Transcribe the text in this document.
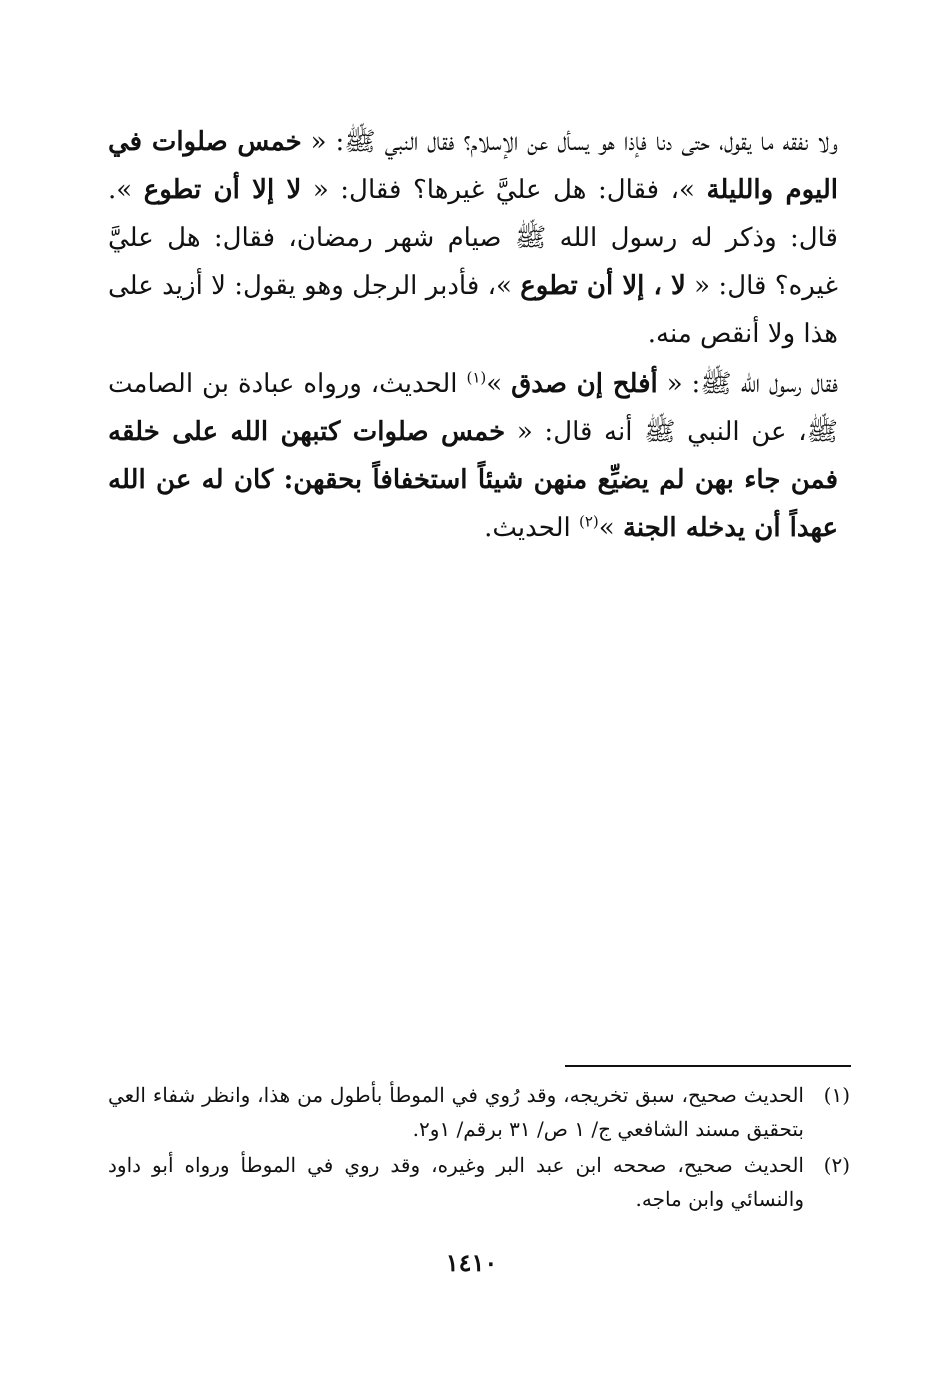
ولا نفقه ما يقول، حتى دنا فإذا هو يسأل عن الإسلام؟ فقال النبي ﷺ: « خمس صلوات في اليوم والليلة »، فقال: هل عليَّ غيرها؟ فقال: « لا إلا أن تطوع ». قال: وذكر له رسول الله ﷺ صيام شهر رمضان، فقال: هل عليَّ غيره؟ قال: « لا ، إلا أن تطوع »، فأدبر الرجل وهو يقول: لا أزيد على هذا ولا أنقص منه.

فقال رسول الله ﷺ: « أفلح إن صدق »$^{(١)}$ الحديث، ورواه عبادة بن الصامت ﷺ، عن النبي ﷺ أنه قال: « خمس صلوات كتبهن الله على خلقه فمن جاء بهن لم يضيِّع منهن شيئاً استخفافاً بحقهن: كان له عن الله عهداً أن يدخله الجنة »$^{(٢)}$ الحديث.

(١)
الحديث صحيح، سبق تخريجه، وقد رُوي في الموطأ بأطول من هذا، وانظر شفاء العي بتحقيق مسند الشافعي ج/ ١ ص/ ٣١ برقم/ ١و٢.
(٢)
الحديث صحيح، صححه ابن عبد البر وغيره، وقد روي في الموطأ ورواه أبو داود والنسائي وابن ماجه.
١٤١٠
